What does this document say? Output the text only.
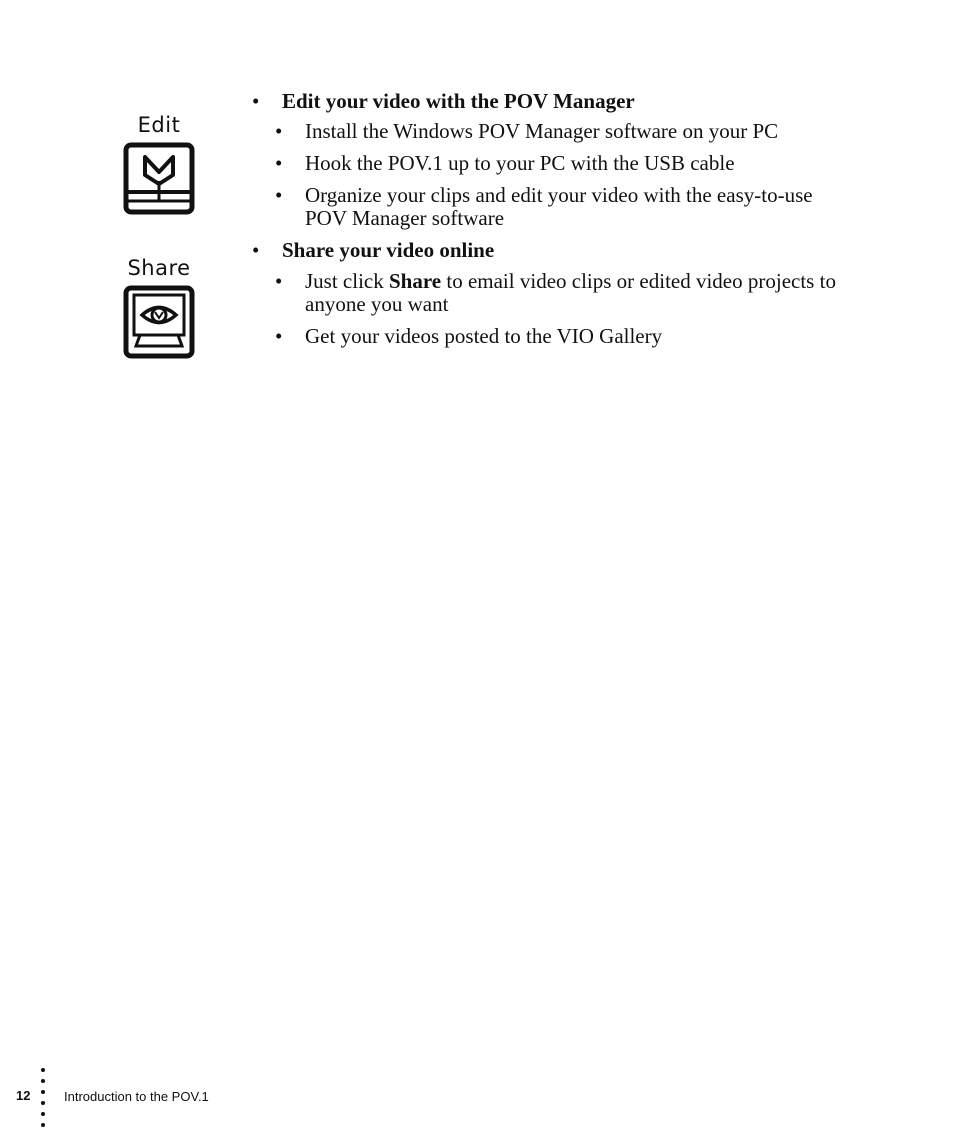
Edit
Share
• Edit your video with the POV Manager
• Install the Windows POV Manager software on your PC
• Hook the POV.1 up to your PC with the USB cable
• Organize your clips and edit your video with the easy-to-use POV Manager software
• Share your video online
• Just click Share to email video clips or edited video projects to anyone you want
• Get your videos posted to the VIO Gallery
12	Introduction to the POV.1
